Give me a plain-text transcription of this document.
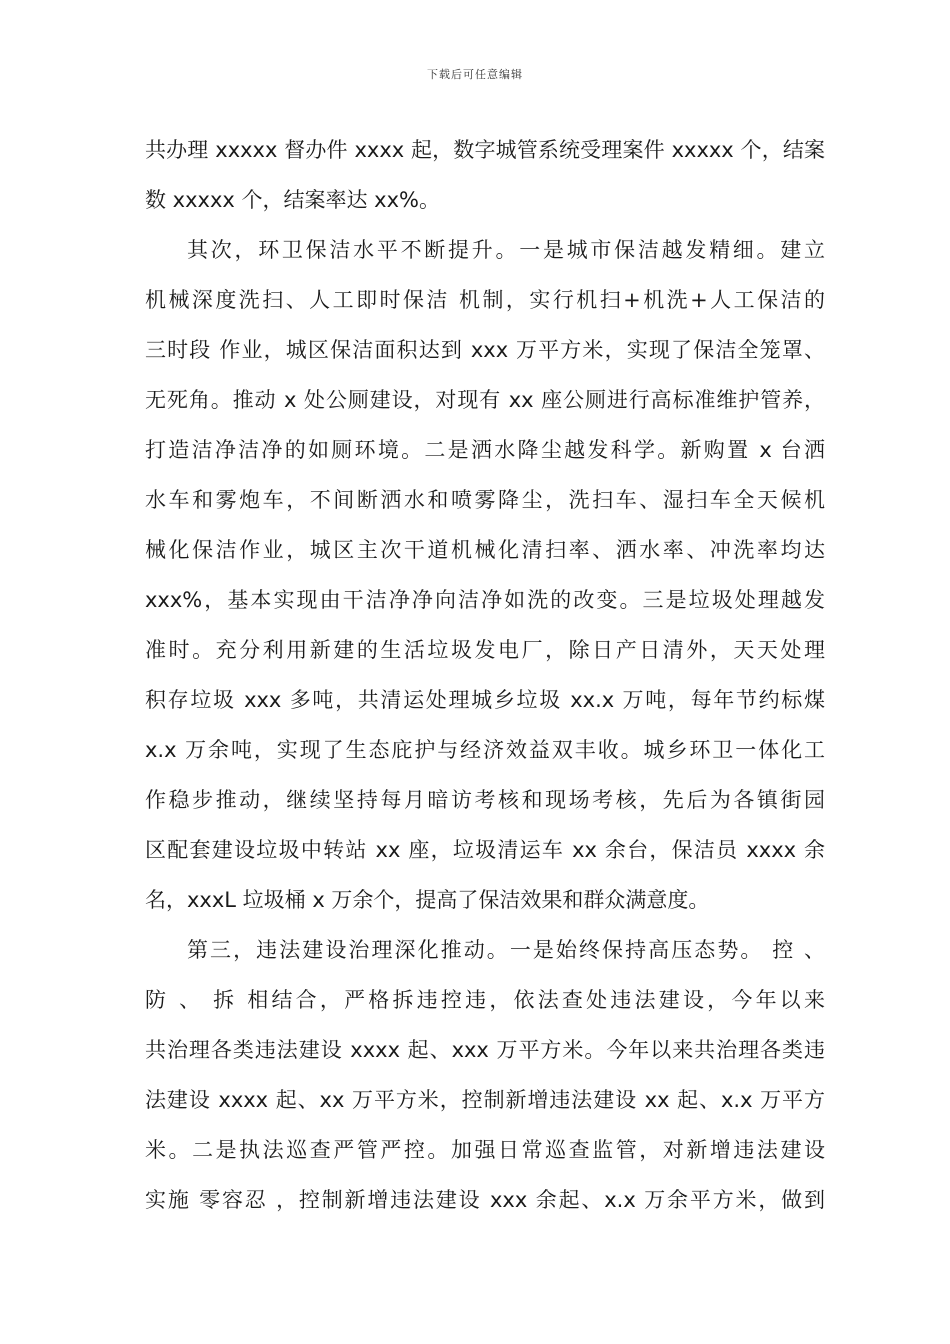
下载后可任意编辑
共办理 xxxxx 督办件 xxxx 起，数字城管系统受理案件 xxxxx 个，结案
数 xxxxx 个，结案率达 xx%。
其次，环卫保洁水平不断提升。一是城市保洁越发精细。建立
机械深度洗扫、人工即时保洁 机制，实行机扫+机洗+人工保洁的
三时段 作业，城区保洁面积达到 xxx 万平方米，实现了保洁全笼罩、
无死角。推动 x 处公厕建设，对现有 xx 座公厕进行高标准维护管养，
打造洁净洁净的如厕环境。二是洒水降尘越发科学。新购置 x 台洒
水车和雾炮车，不间断洒水和喷雾降尘，洗扫车、湿扫车全天候机
械化保洁作业，城区主次干道机械化清扫率、洒水率、冲洗率均达
xxx%，基本实现由干洁净净向洁净如洗的改变。三是垃圾处理越发
准时。充分利用新建的生活垃圾发电厂，除日产日清外，天天处理
积存垃圾 xxx 多吨，共清运处理城乡垃圾 xx.x 万吨，每年节约标煤
x.x 万余吨，实现了生态庇护与经济效益双丰收。城乡环卫一体化工
作稳步推动，继续坚持每月暗访考核和现场考核，先后为各镇街园
区配套建设垃圾中转站 xx 座，垃圾清运车 xx 余台，保洁员 xxxx 余
名，xxxL 垃圾桶 x 万余个，提高了保洁效果和群众满意度。
第三，违法建设治理深化推动。一是始终保持高压态势。 控 、
防 、 拆 相结合，严格拆违控违，依法查处违法建设，今年以来
共治理各类违法建设 xxxx 起、xxx 万平方米。今年以来共治理各类违
法建设 xxxx 起、xx 万平方米，控制新增违法建设 xx 起、x.x 万平方
米。二是执法巡查严管严控。加强日常巡查监管，对新增违法建设
实施 零容忍 ，控制新增违法建设 xxx 余起、x.x 万余平方米，做到
